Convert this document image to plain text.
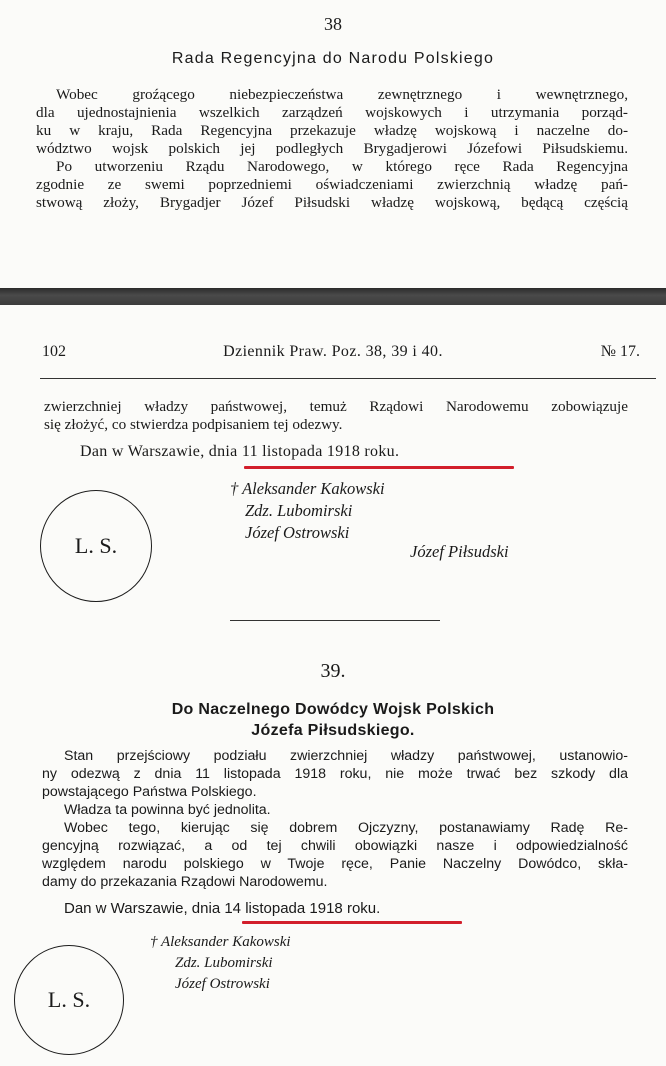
38
Rada Regencyjna do Narodu Polskiego
Wobec groźącego niebezpieczeństwa zewnętrznego i wewnętrznego,
dla ujednostajnienia wszelkich zarządzeń wojskowych i utrzymania porząd-
ku w kraju, Rada Regencyjna przekazuje władzę wojskową i naczelne do-
wództwo wojsk polskich jej podległych Brygadjerowi Józefowi Piłsudskiemu.
Po utworzeniu Rządu Narodowego, w którego ręce Rada Regencyjna
zgodnie ze swemi poprzedniemi oświadczeniami zwierzchnią władzę pań-
stwową złoży, Brygadjer Józef Piłsudski władzę wojskową, będącą częścią
102	Dziennik Praw. Poz. 38, 39 i 40.	№ 17.
zwierzchniej władzy państwowej, temuż Rządowi Narodowemu zobowiązuje
się złożyć, co stwierdza podpisaniem tej odezwy.
Dan w Warszawie, dnia 11 listopada 1918 roku.
L. S.
† Aleksander Kakowski
Zdz. Lubomirski
Józef Ostrowski
Józef Piłsudski
39.
Do Naczelnego Dowódcy Wojsk Polskich
Józefa Piłsudskiego.
Stan przejściowy podziału zwierzchniej władzy państwowej, ustanowio-
ny odezwą z dnia 11 listopada 1918 roku, nie może trwać bez szkody dla
powstającego Państwa Polskiego.
Władza ta powinna być jednolita.
Wobec tego, kierując się dobrem Ojczyzny, postanawiamy Radę Re-
gencyjną rozwiązać, a od tej chwili obowiązki nasze i odpowiedzialność
względem narodu polskiego w Twoje ręce, Panie Naczelny Dowódco, skła-
damy do przekazania Rządowi Narodowemu.
Dan w Warszawie, dnia 14 listopada 1918 roku.
L. S.
† Aleksander Kakowski
Zdz. Lubomirski
Józef Ostrowski
